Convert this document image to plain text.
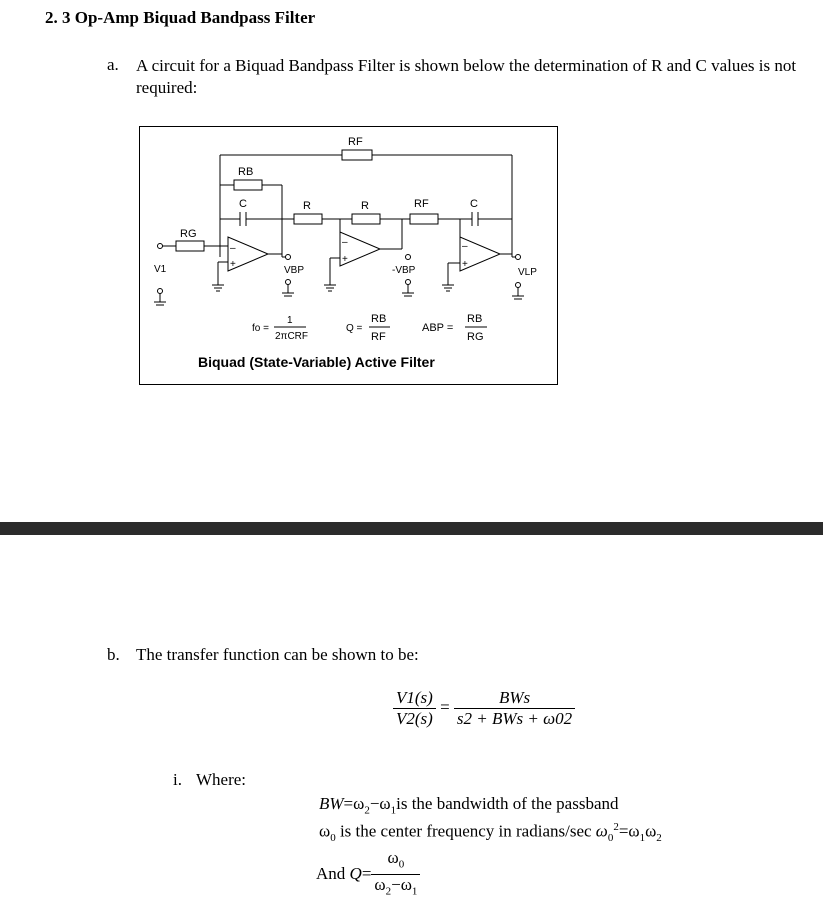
2. 3 Op-Amp Biquad Bandpass Filter
a. A circuit for a Biquad Bandpass Filter is shown below the determination of R and C values is not required:
RF
RB
RG
C	R	R	RF	C
V1	VBP	-VBP	VLP
–
+
–
+
–
+
fo =
1
2πCRF
Q =
RB
RF
ABP =
RB
RG
Biquad (State-Variable) Active Filter
b. The transfer function can be shown to be:
$\frac{V1(s)}{V2(s)} = \frac{\text{BWs}}{\text{s2 + BWs + ω02}}$
i. Where:
$BW=\omega_2-\omega_1is$ the bandwidth of the passband
$\omega_0$ is the center frequency in radians/sec $\omega_0^2=\omega_1\omega_2$
And $Q= \frac{\omega_0}{\omega_2-\omega_1}$
